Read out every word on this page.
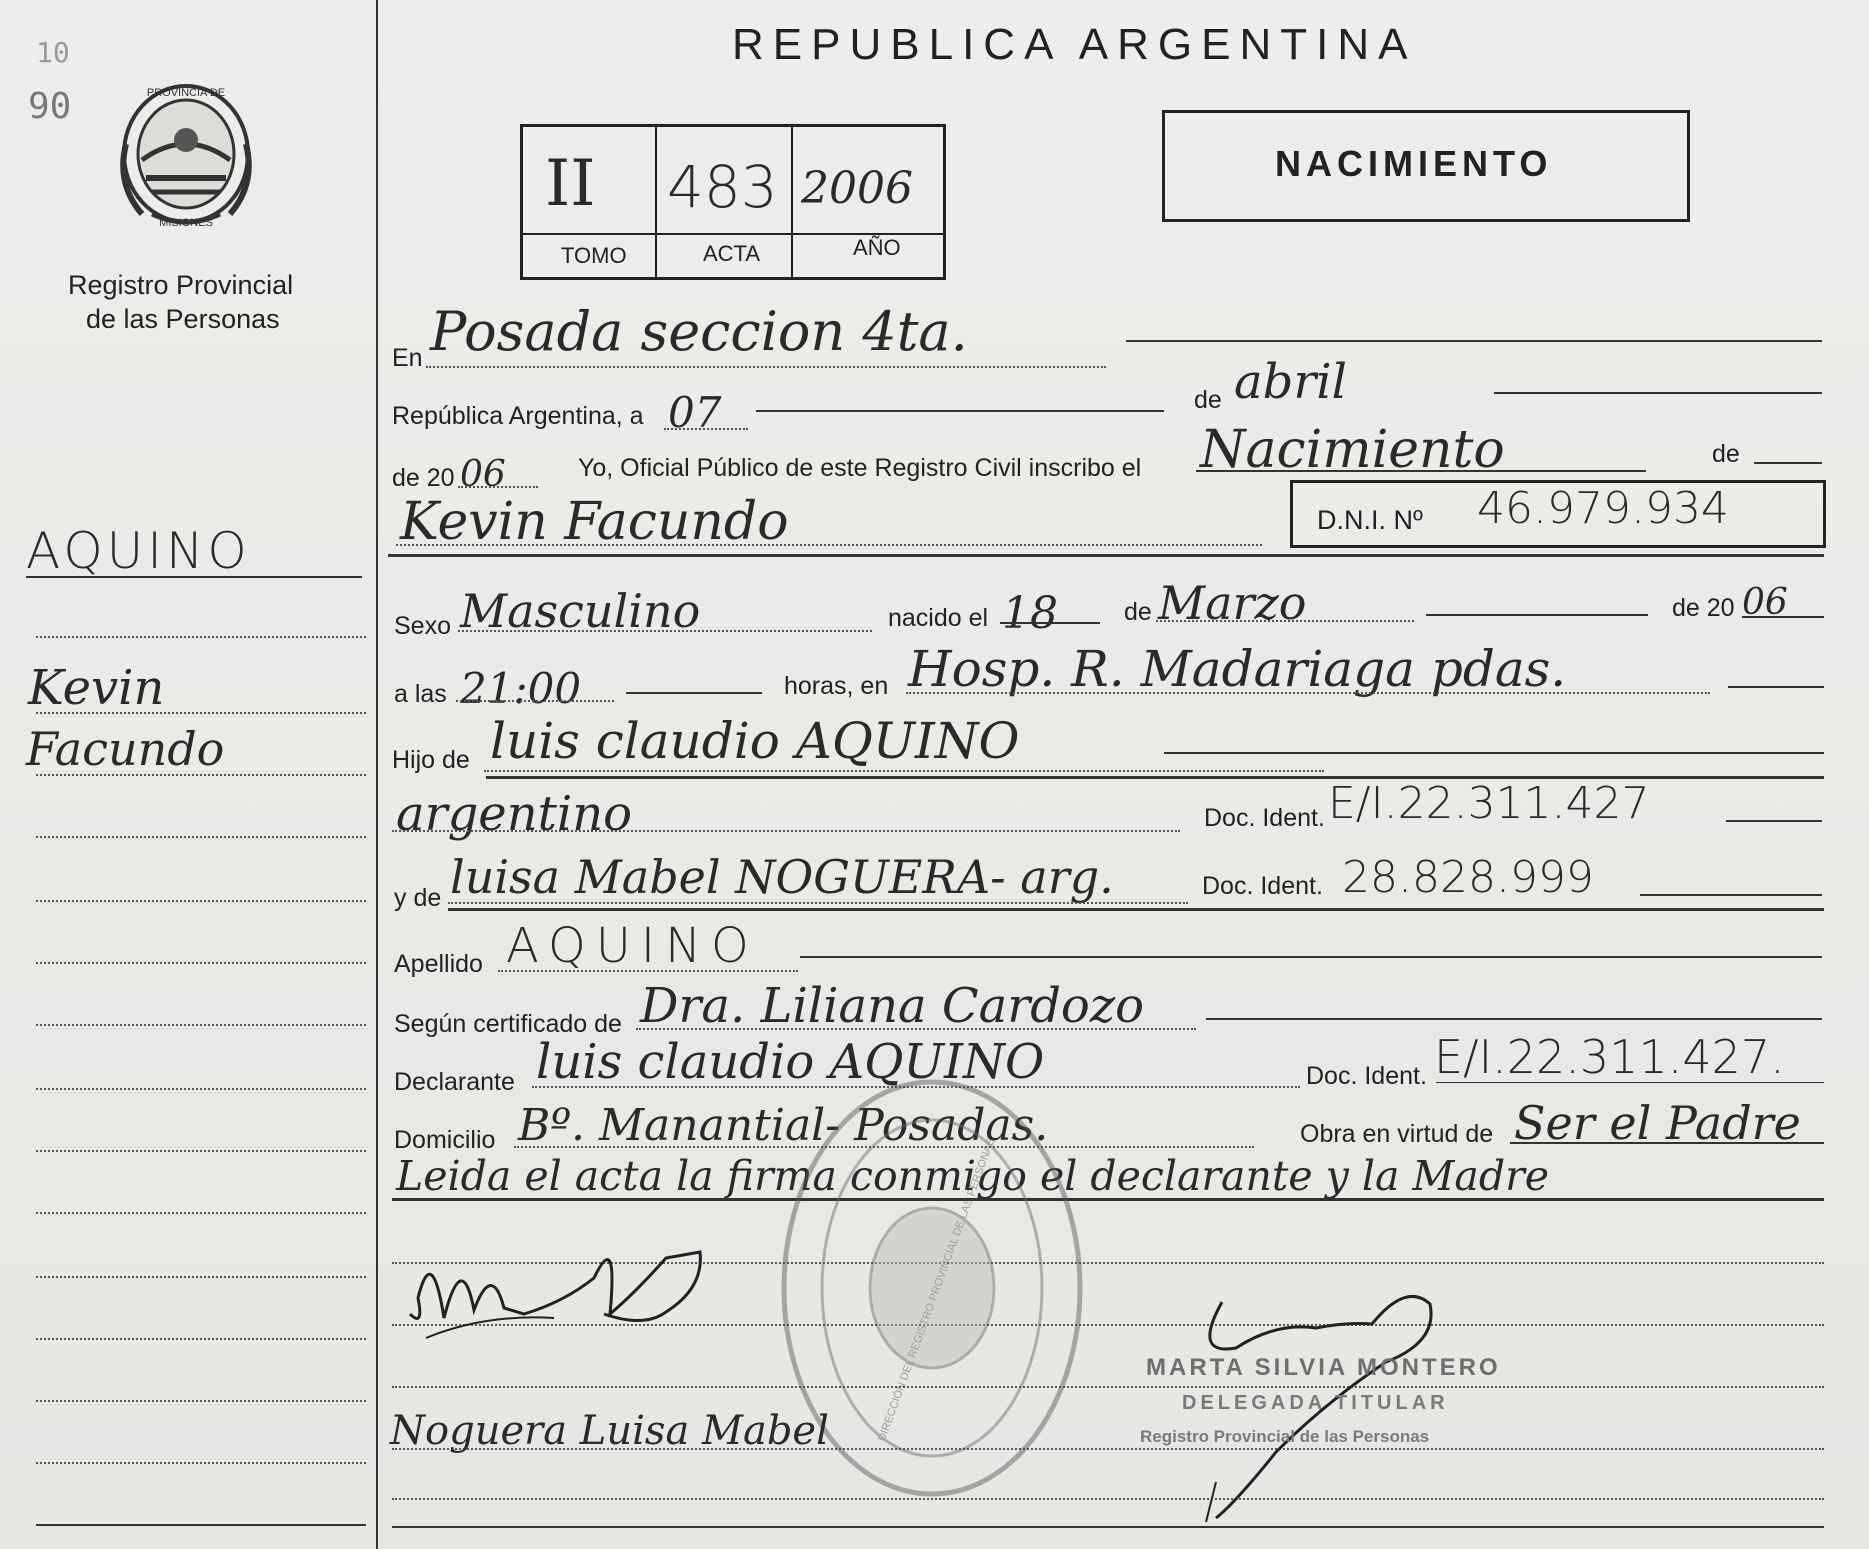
10
90	PROVINCIA DE
MISIONES
Registro Provincial
de las Personas
AQUINO
Kevin
Facundo
REPUBLICA ARGENTINA
II 483 2006
TOMO	ACTA	AÑO
NACIMIENTO
En Posada seccion 4ta.
República Argentina, a 07	de abril
de 20 06	Yo, Oficial Público de este Registro Civil inscribo el Nacimiento	de
Kevin Facundo	D.N.I. Nº 46.979.934
Sexo Masculino	nacido el 18	de Marzo	de 20 06
a las 21:00	horas, en Hosp. R. Madariaga pdas.
Hijo de luis claudio AQUINO
argentino	Doc. Ident. E/I.22.311.427
y de luisa Mabel NOGUERA- arg.	Doc. Ident. 28.828.999
Apellido AQUINO
Según certificado de Dra. Liliana Cardozo
Declarante luis claudio AQUINO	Doc. Ident. E/I.22.311.427.
Domicilio Bº. Manantial- Posadas.	Obra en virtud de Ser el Padre
Leida el acta la firma conmigo el declarante y la Madre
DIRECCIÓN DEL REGISTRO PROVINCIAL DE LAS PERSONAS
Noguera Luisa Mabel
MARTA SILVIA MONTERO
DELEGADA TITULAR
Registro Provincial de las Personas
